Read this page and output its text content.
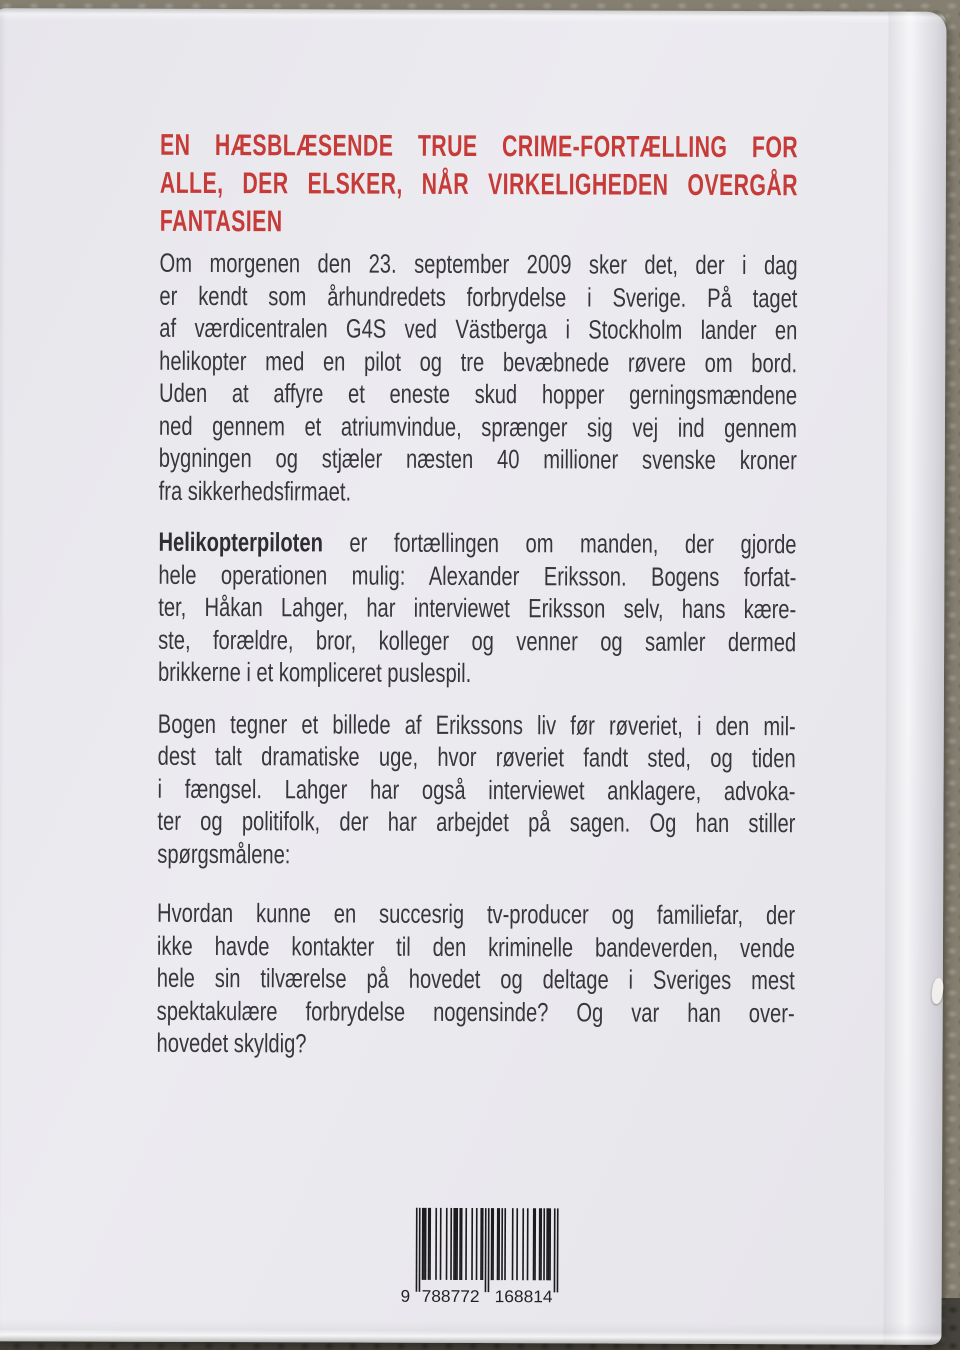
EN HÆSBLÆSENDE TRUE CRIME-FORTÆLLING FOR
ALLE, DER ELSKER, NÅR VIRKELIGHEDEN OVERGÅR
FANTASIEN
Om morgenen den 23. september 2009 sker det, der i dag
er kendt som århundredets forbrydelse i Sverige. På taget
af værdicentralen G4S ved Västberga i Stockholm lander en
helikopter med en pilot og tre bevæbnede røvere om bord.
Uden at affyre et eneste skud hopper gerningsmændene
ned gennem et atriumvindue, sprænger sig vej ind gennem
bygningen og stjæler næsten 40 millioner svenske kroner
fra sikkerhedsfirmaet.
Helikopterpiloten er fortællingen om manden, der gjorde
hele operationen mulig: Alexander Eriksson. Bogens forfat-
ter, Håkan Lahger, har interviewet Eriksson selv, hans kære-
ste, forældre, bror, kolleger og venner og samler dermed
brikkerne i et kompliceret puslespil.
Bogen tegner et billede af Erikssons liv før røveriet, i den mil-
dest talt dramatiske uge, hvor røveriet fandt sted, og tiden
i fængsel. Lahger har også interviewet anklagere, advoka-
ter og politifolk, der har arbejdet på sagen. Og han stiller
spørgsmålene:
Hvordan kunne en succesrig tv-producer og familiefar, der
ikke havde kontakter til den kriminelle bandeverden, vende
hele sin tilværelse på hovedet og deltage i Sveriges mest
spektakulære forbrydelse nogensinde? Og var han over-
hovedet skyldig?
9 788772 168814
